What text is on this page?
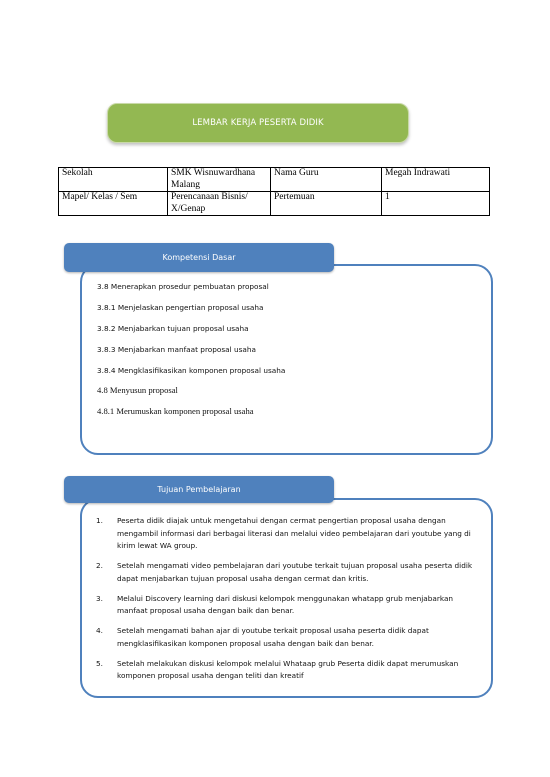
LEMBAR KERJA PESERTA DIDIK
Sekolah	SMK Wisnuwardhana Malang	Nama Guru	Megah Indrawati
Mapel/ Kelas / Sem	Perencanaan Bisnis/ X/Genap	Pertemuan	1
Kompetensi Dasar
3.8 Menerapkan prosedur pembuatan proposal
3.8.1 Menjelaskan pengertian proposal usaha
3.8.2 Menjabarkan tujuan proposal usaha
3.8.3 Menjabarkan manfaat proposal usaha
3.8.4 Mengklasifikasikan komponen proposal usaha
4.8 Menyusun proposal
4.8.1 Merumuskan komponen proposal usaha
Tujuan Pembelajaran
1. Peserta didik diajak untuk mengetahui dengan cermat pengertian proposal usaha dengan mengambil informasi dari berbagai literasi dan melalui video pembelajaran dari youtube yang di kirim lewat WA group.
2. Setelah mengamati video pembelajaran dari youtube terkait tujuan proposal usaha peserta didik dapat menjabarkan tujuan proposal usaha dengan cermat dan kritis.
3. Melalui Discovery learning dari diskusi kelompok menggunakan whatapp grub menjabarkan manfaat proposal usaha dengan baik dan benar.
4. Setelah mengamati bahan ajar di youtube terkait proposal usaha peserta didik dapat mengklasifikasikan komponen proposal usaha dengan baik dan benar.
5. Setelah melakukan diskusi kelompok melalui Whataap grub Peserta didik dapat merumuskan komponen proposal usaha dengan teliti dan kreatif
